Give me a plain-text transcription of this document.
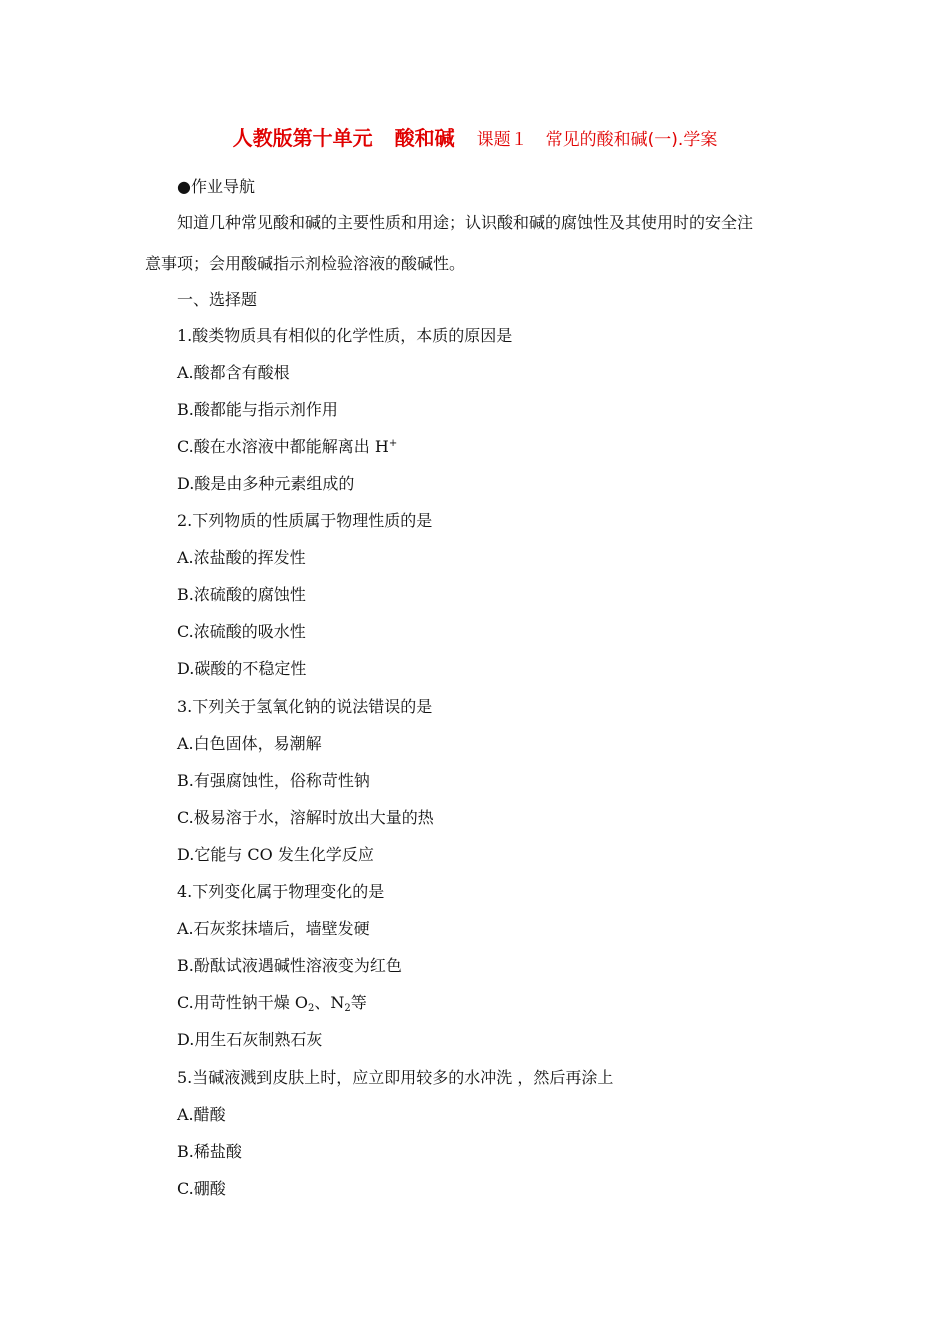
人教版第十单元 酸和碱 课题１ 常见的酸和碱(一).学案
●作业导航
知道几种常见酸和碱的主要性质和用途；认识酸和碱的腐蚀性及其使用时的安全注
意事项；会用酸碱指示剂检验溶液的酸碱性。
一、选择题
1.酸类物质具有相似的化学性质，本质的原因是
A.酸都含有酸根
B.酸都能与指示剂作用
C.酸在水溶液中都能解离出 H+
D.酸是由多种元素组成的
2.下列物质的性质属于物理性质的是
A.浓盐酸的挥发性
B.浓硫酸的腐蚀性
C.浓硫酸的吸水性
D.碳酸的不稳定性
3.下列关于氢氧化钠的说法错误的是
A.白色固体，易潮解
B.有强腐蚀性，俗称苛性钠
C.极易溶于水，溶解时放出大量的热
D.它能与 CO 发生化学反应
4.下列变化属于物理变化的是
A.石灰浆抹墙后，墙壁发硬
B.酚酞试液遇碱性溶液变为红色
C.用苛性钠干燥 $O_2$、$N_2$等
D.用生石灰制熟石灰
5.当碱液溅到皮肤上时，应立即用较多的水冲洗 ，然后再涂上
A.醋酸
B.稀盐酸
C.硼酸
